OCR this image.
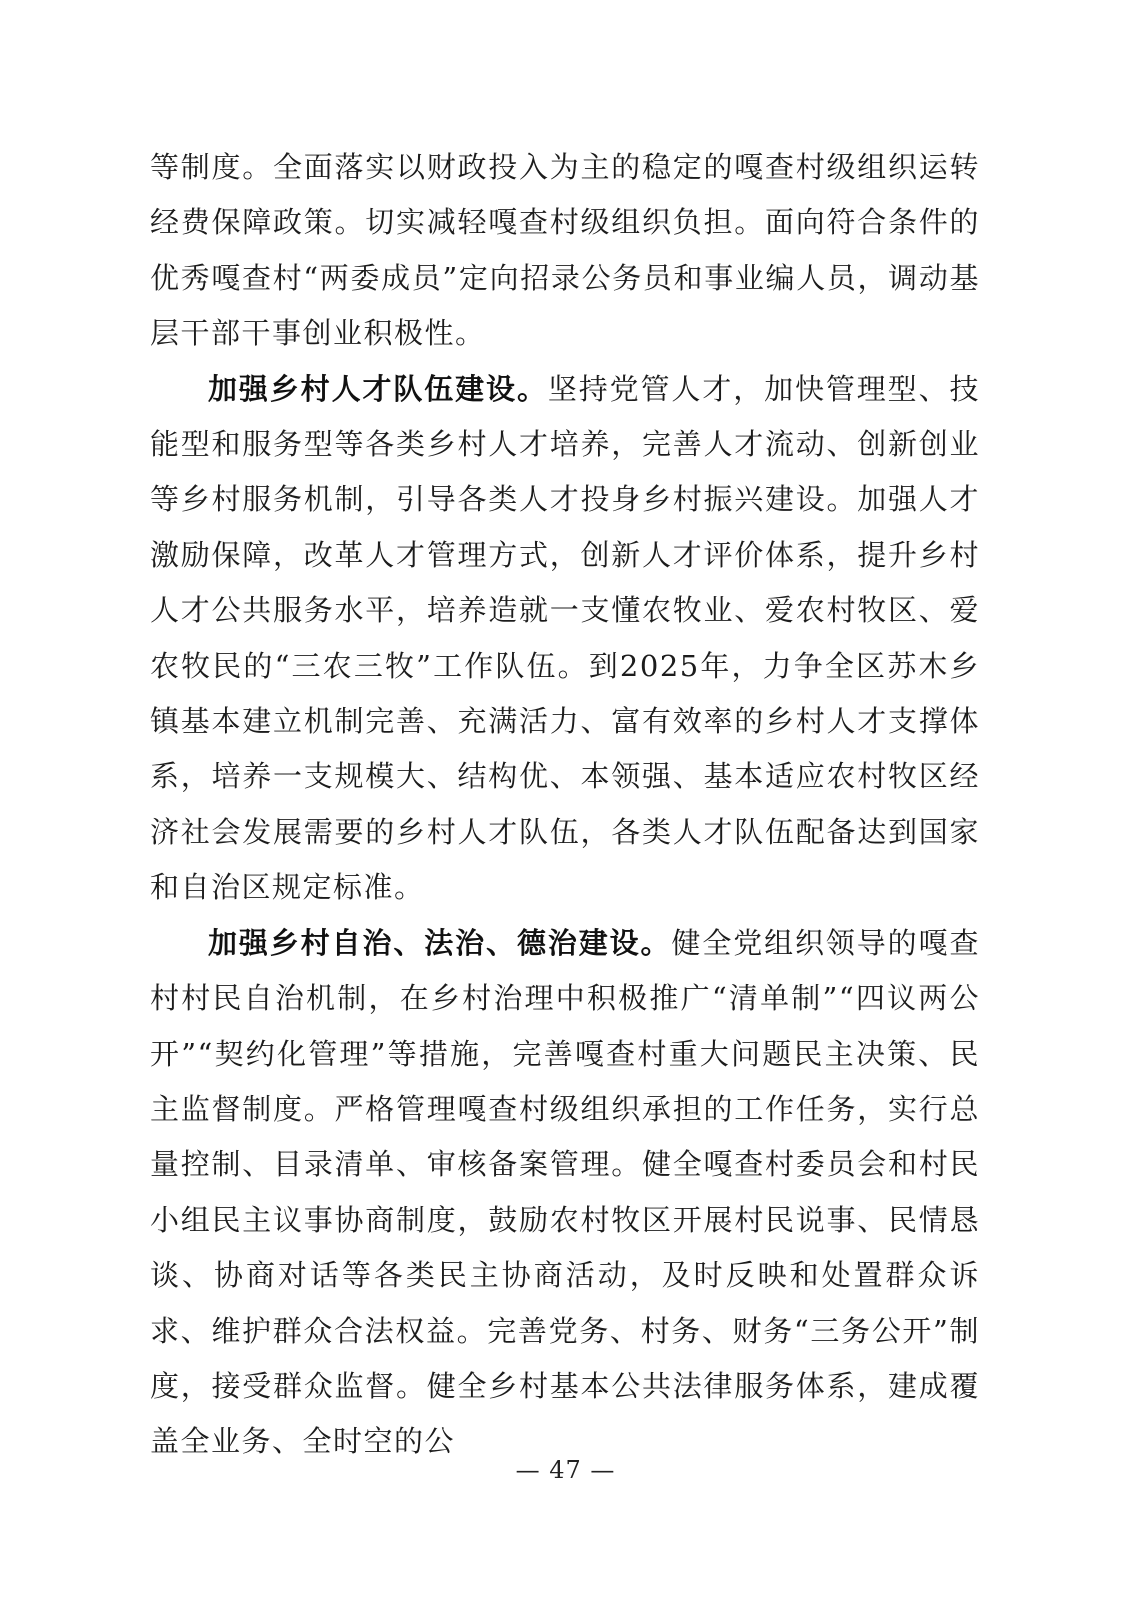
等制度。全面落实以财政投入为主的稳定的嘎查村级组织运转经费保障政策。切实减轻嘎查村级组织负担。面向符合条件的优秀嘎查村“两委成员”定向招录公务员和事业编人员，调动基层干部干事创业积极性。

加强乡村人才队伍建设。坚持党管人才，加快管理型、技能型和服务型等各类乡村人才培养，完善人才流动、创新创业等乡村服务机制，引导各类人才投身乡村振兴建设。加强人才激励保障，改革人才管理方式，创新人才评价体系，提升乡村人才公共服务水平，培养造就一支懂农牧业、爱农村牧区、爱农牧民的“三农三牧”工作队伍。到2025年，力争全区苏木乡镇基本建立机制完善、充满活力、富有效率的乡村人才支撑体系，培养一支规模大、结构优、本领强、基本适应农村牧区经济社会发展需要的乡村人才队伍，各类人才队伍配备达到国家和自治区规定标准。

加强乡村自治、法治、德治建设。健全党组织领导的嘎查村村民自治机制，在乡村治理中积极推广“清单制”“四议两公开”“契约化管理”等措施，完善嘎查村重大问题民主决策、民主监督制度。严格管理嘎查村级组织承担的工作任务，实行总量控制、目录清单、审核备案管理。健全嘎查村委员会和村民小组民主议事协商制度，鼓励农村牧区开展村民说事、民情恳谈、协商对话等各类民主协商活动，及时反映和处置群众诉求、维护群众合法权益。完善党务、村务、财务“三务公开”制度，接受群众监督。健全乡村基本公共法律服务体系，建成覆盖全业务、全时空的公

— 47 —
